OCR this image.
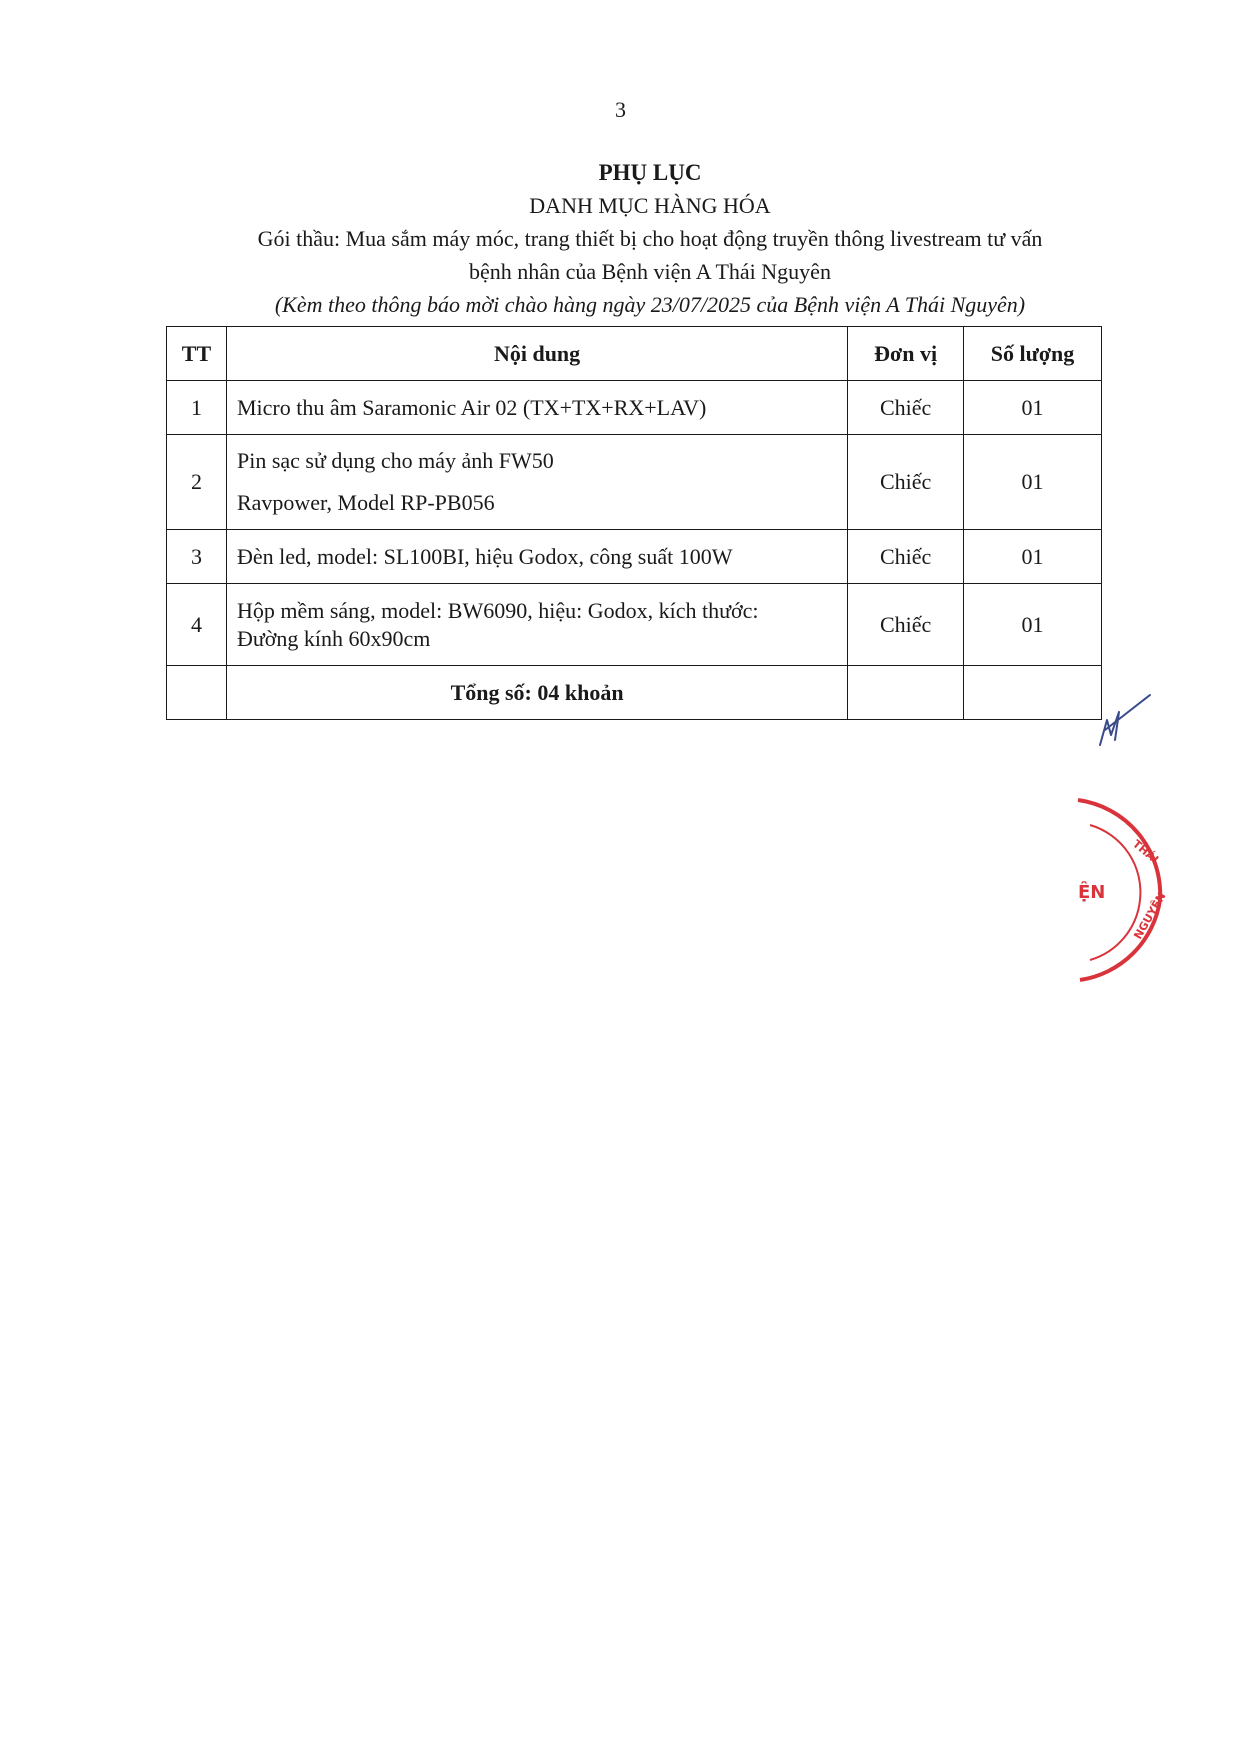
3
PHỤ LỤC
DANH MỤC HÀNG HÓA
Gói thầu: Mua sắm máy móc, trang thiết bị cho hoạt động truyền thông livestream tư vấn
bệnh nhân của Bệnh viện A Thái Nguyên
(Kèm theo thông báo mời chào hàng ngày 23/07/2025 của Bệnh viện A Thái Nguyên)
TT	Nội dung	Đơn vị	Số lượng
1	Micro thu âm Saramonic Air 02 (TX+TX+RX+LAV)	Chiếc	01
2	Pin sạc sử dụng cho máy ảnh FW50
Ravpower, Model RP-PB056	Chiếc	01
3	Đèn led, model: SL100BI, hiệu Godox, công suất 100W	Chiếc	01
4	Hộp mềm sáng, model: BW6090, hiệu: Godox, kích thước:
Đường kính 60x90cm	Chiếc	01
	Tổng số: 04 khoản		
ỆN
THÁI
NGUYÊN
